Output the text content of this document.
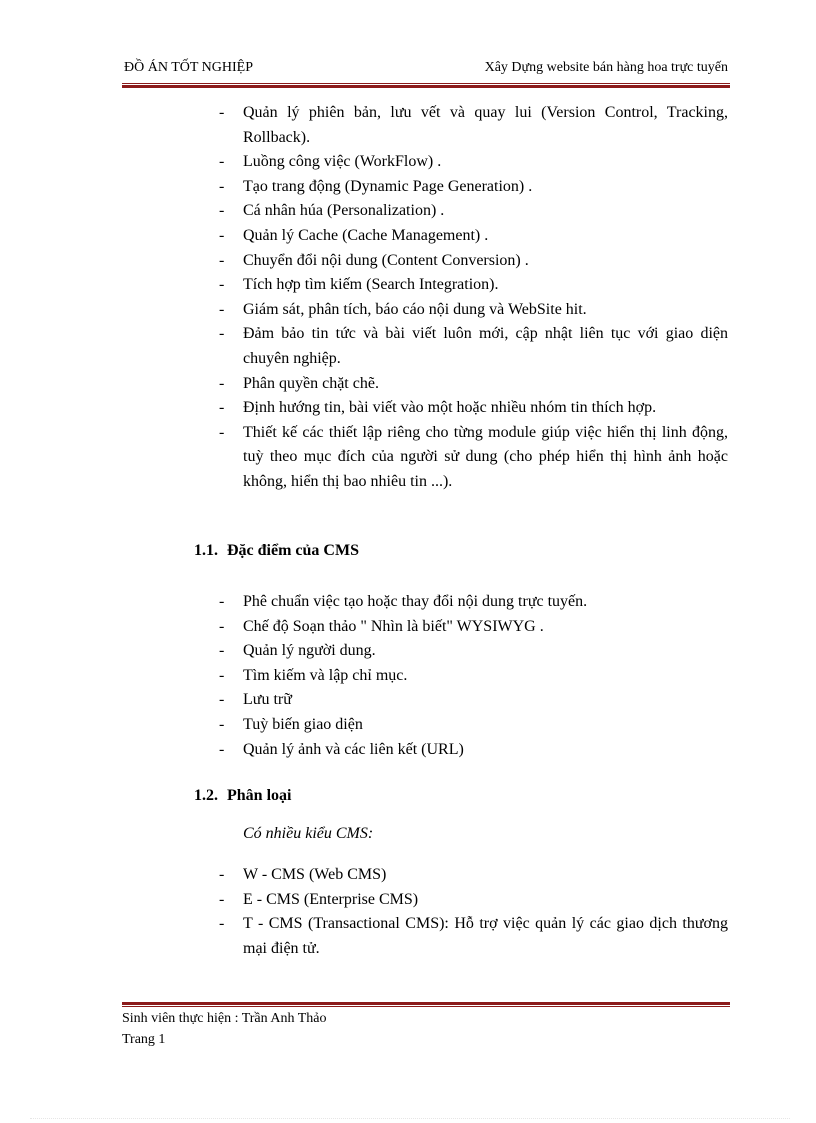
ĐỒ ÁN TỐT NGHIỆP	Xây Dựng website bán hàng hoa trực tuyến
- Quản lý phiên bản, lưu vết và quay lui (Version Control, Tracking, Rollback).
- Luồng công việc (WorkFlow) .
- Tạo trang động (Dynamic Page Generation) .
- Cá nhân húa (Personalization) .
- Quản lý Cache (Cache Management) .
- Chuyển đổi nội dung (Content Conversion) .
- Tích hợp tìm kiếm (Search Integration).
- Giám sát, phân tích, báo cáo nội dung và WebSite hit.
- Đảm bảo tin tức và bài viết luôn mới, cập nhật liên tục với giao diện chuyên nghiệp.
- Phân quyền chặt chẽ.
- Định hướng tin, bài viết vào một hoặc nhiều nhóm tin thích hợp.
- Thiết kế các thiết lập riêng cho từng module giúp việc hiển thị linh động, tuỳ theo mục đích của người sử dung (cho phép hiển thị hình ảnh hoặc không, hiển thị bao nhiêu tin ...).
1.1. Đặc điểm của CMS
- Phê chuẩn việc tạo hoặc thay đổi nội dung trực tuyến.
- Chế độ Soạn thảo " Nhìn là biết" WYSIWYG .
- Quản lý người dung.
- Tìm kiếm và lập chỉ mục.
- Lưu trữ
- Tuỳ biến giao diện
- Quản lý ảnh và các liên kết (URL)
1.2. Phân loại
Có nhiều kiểu CMS:
- W - CMS (Web CMS)
- E - CMS (Enterprise CMS)
- T - CMS (Transactional CMS): Hỗ trợ việc quản lý các giao dịch thương mại điện tử.
Sinh viên thực hiện : Trần Anh Thảo
Trang 1
